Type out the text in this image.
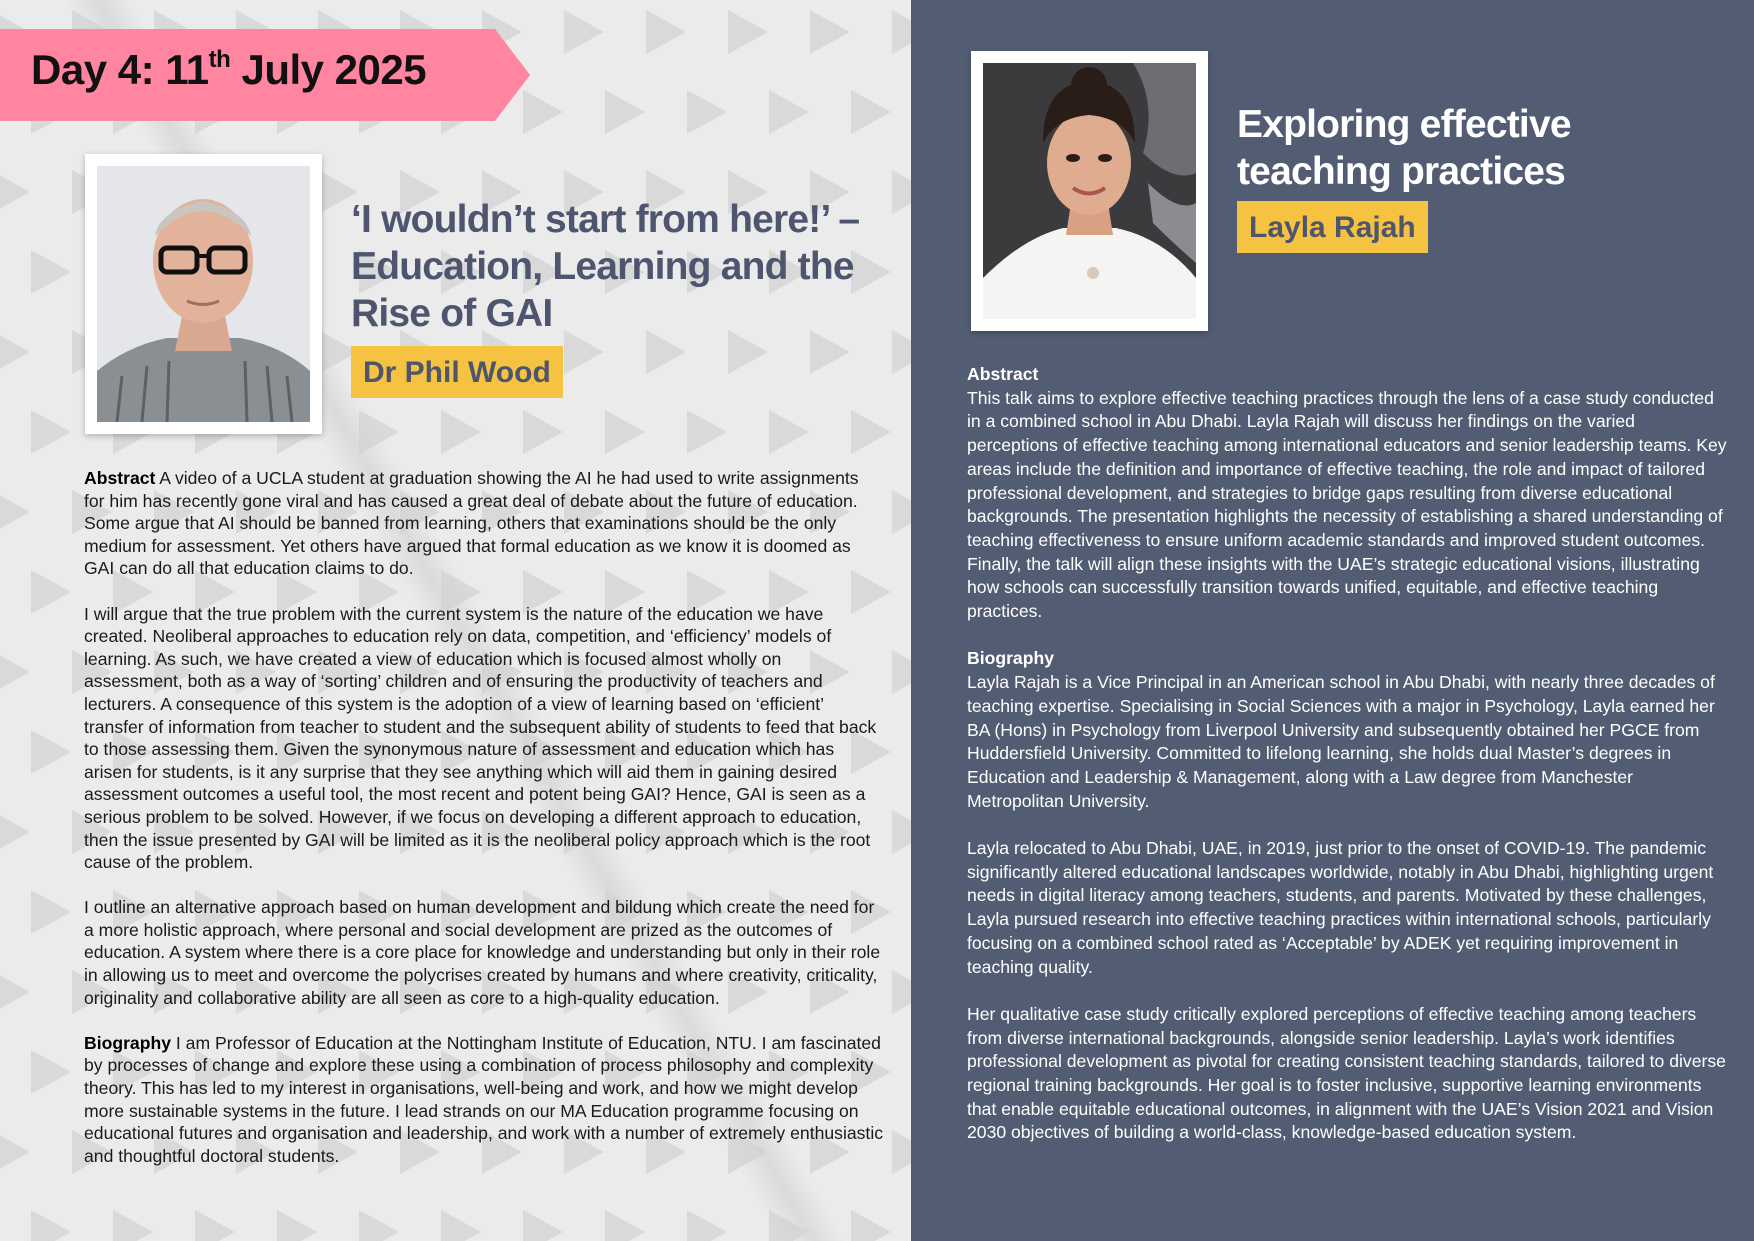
Day 4: 11th July 2025
‘I wouldn’t start from here!’ – Education, Learning and the Rise of GAI
Dr Phil Wood

Abstract A video of a UCLA student at graduation showing the AI he had used to write assignments for him has recently gone viral and has caused a great deal of debate about the future of education. Some argue that AI should be banned from learning, others that examinations should be the only medium for assessment. Yet others have argued that formal education as we know it is doomed as GAI can do all that education claims to do.

I will argue that the true problem with the current system is the nature of the education we have created. Neoliberal approaches to education rely on data, competition, and ‘efficiency’ models of learning. As such, we have created a view of education which is focused almost wholly on assessment, both as a way of ‘sorting’ children and of ensuring the productivity of teachers and lecturers. A consequence of this system is the adoption of a view of learning based on ‘efficient’ transfer of information from teacher to student and the subsequent ability of students to feed that back to those assessing them. Given the synonymous nature of assessment and education which has arisen for students, is it any surprise that they see anything which will aid them in gaining desired assessment outcomes a useful tool, the most recent and potent being GAI? Hence, GAI is seen as a serious problem to be solved. However, if we focus on developing a different approach to education, then the issue presented by GAI will be limited as it is the neoliberal policy approach which is the root cause of the problem.

I outline an alternative approach based on human development and bildung which create the need for a more holistic approach, where personal and social development are prized as the outcomes of education. A system where there is a core place for knowledge and understanding but only in their role in allowing us to meet and overcome the polycrises created by humans and where creativity, criticality, originality and collaborative ability are all seen as core to a high-quality education.

Biography I am Professor of Education at the Nottingham Institute of Education, NTU. I am fascinated by processes of change and explore these using a combination of process philosophy and complexity theory. This has led to my interest in organisations, well-being and work, and how we might develop more sustainable systems in the future. I lead strands on our MA Education programme focusing on educational futures and organisation and leadership, and work with a number of extremely enthusiastic and thoughtful doctoral students.

Exploring effective teaching practices
Layla Rajah
Abstract

This talk aims to explore effective teaching practices through the lens of a case study conducted in a combined school in Abu Dhabi. Layla Rajah will discuss her findings on the varied perceptions of effective teaching among international educators and senior leadership teams. Key areas include the definition and importance of effective teaching, the role and impact of tailored professional development, and strategies to bridge gaps resulting from diverse educational backgrounds. The presentation highlights the necessity of establishing a shared understanding of teaching effectiveness to ensure uniform academic standards and improved student outcomes. Finally, the talk will align these insights with the UAE’s strategic educational visions, illustrating how schools can successfully transition towards unified, equitable, and effective teaching practices.

Biography

Layla Rajah is a Vice Principal in an American school in Abu Dhabi, with nearly three decades of teaching expertise. Specialising in Social Sciences with a major in Psychology, Layla earned her BA (Hons) in Psychology from Liverpool University and subsequently obtained her PGCE from Huddersfield University. Committed to lifelong learning, she holds dual Master’s degrees in Education and Leadership & Management, along with a Law degree from Manchester Metropolitan University.

Layla relocated to Abu Dhabi, UAE, in 2019, just prior to the onset of COVID-19. The pandemic significantly altered educational landscapes worldwide, notably in Abu Dhabi, highlighting urgent needs in digital literacy among teachers, students, and parents. Motivated by these challenges, Layla pursued research into effective teaching practices within international schools, particularly focusing on a combined school rated as ‘Acceptable’ by ADEK yet requiring improvement in teaching quality.

Her qualitative case study critically explored perceptions of effective teaching among teachers from diverse international backgrounds, alongside senior leadership. Layla’s work identifies professional development as pivotal for creating consistent teaching standards, tailored to diverse regional training backgrounds. Her goal is to foster inclusive, supportive learning environments that enable equitable educational outcomes, in alignment with the UAE’s Vision 2021 and Vision 2030 objectives of building a world-class, knowledge-based education system.
